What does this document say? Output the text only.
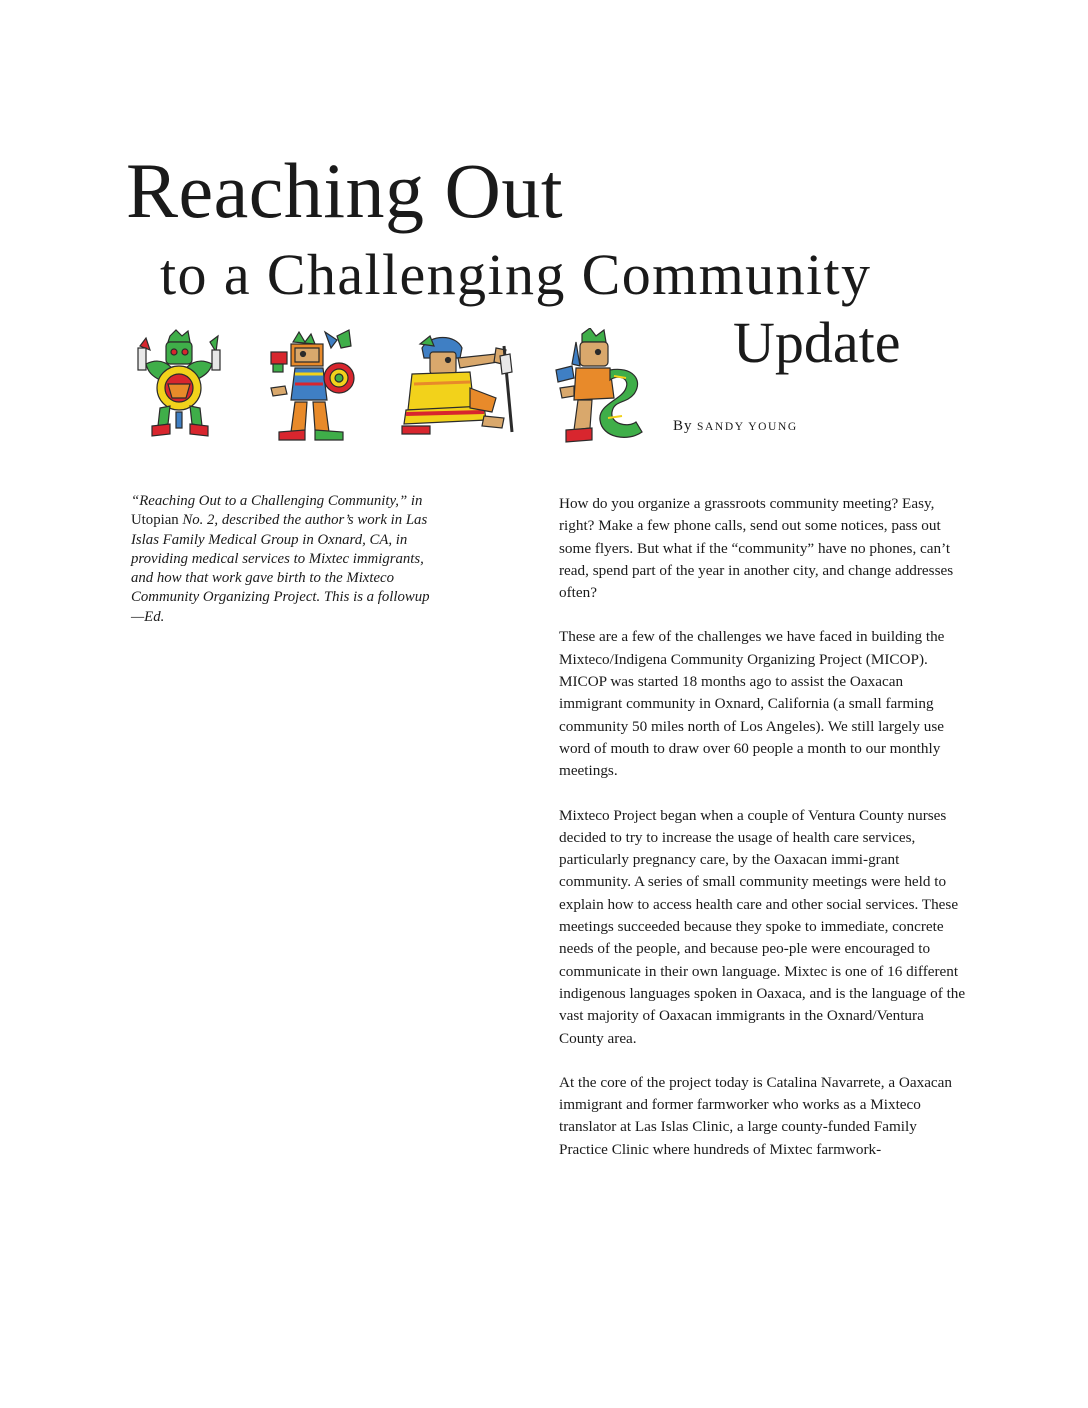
Reaching Out
to a Challenging Community
Update
By SANDY YOUNG

“Reaching Out to a Challenging Community,” in Utopian No. 2, described the author’s work in Las Islas Family Medical Group in Oxnard, CA, in providing medical services to Mixtec immigrants, and how that work gave birth to the Mixteco Community Organizing Project. This is a followup—Ed.

How do you organize a grassroots community meeting? Easy, right? Make a few phone calls, send out some notices, pass out some flyers. But what if the “community” have no phones, can’t read, spend part of the year in another city, and change addresses often?

These are a few of the challenges we have faced in building the Mixteco/Indigena Community Organizing Project (MICOP). MICOP was started 18 months ago to assist the Oaxacan immigrant community in Oxnard, California (a small farming community 50 miles north of Los Angeles). We still largely use word of mouth to draw over 60 people a month to our monthly meetings.

Mixteco Project began when a couple of Ventura County nurses decided to try to increase the usage of health care services, particularly pregnancy care, by the Oaxacan immi-grant community. A series of small community meetings were held to explain how to access health care and other social services. These meetings succeeded because they spoke to immediate, concrete needs of the people, and because peo-ple were encouraged to communicate in their own language. Mixtec is one of 16 different indigenous languages spoken in Oaxaca, and is the language of the vast majority of Oaxacan immigrants in the Oxnard/Ventura County area.

At the core of the project today is Catalina Navarrete, a Oaxacan immigrant and former farmworker who works as a Mixteco translator at Las Islas Clinic, a large county-funded Family Practice Clinic where hundreds of Mixtec farmwork-
